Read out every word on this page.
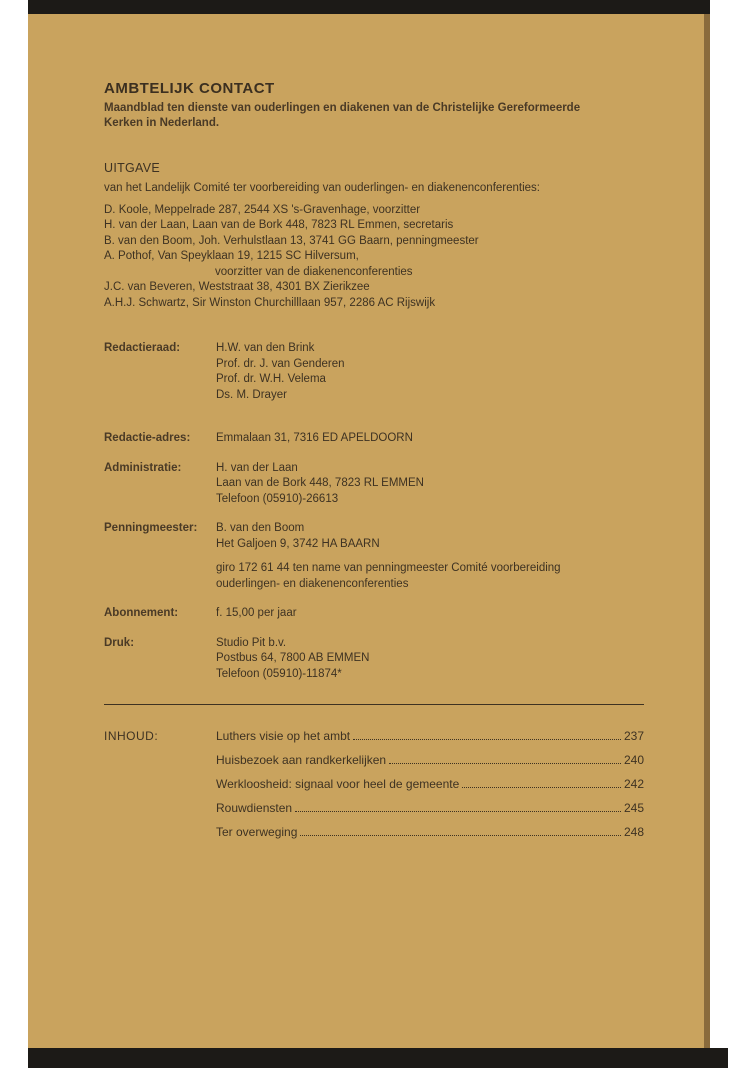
AMBTELIJK CONTACT

Maandblad ten dienste van ouderlingen en diakenen van de Christelijke Gereformeerde
Kerken in Nederland.

UITGAVE
van het Landelijk Comité ter voorbereiding van ouderlingen- en diakenenconferenties:
D. Koole, Meppelrade 287, 2544 XS 's-Gravenhage, voorzitter
H. van der Laan, Laan van de Bork 448, 7823 RL Emmen, secretaris
B. van den Boom, Joh. Verhulstlaan 13, 3741 GG Baarn, penningmeester
A. Pothof, Van Speyklaan 19, 1215 SC Hilversum,
voorzitter van de diakenenconferenties
J.C. van Beveren, Weststraat 38, 4301 BX Zierikzee
A.H.J. Schwartz, Sir Winston Churchilllaan 957, 2286 AC Rijswijk
Redactieraad:	H.W. van den Brink
Prof. dr. J. van Genderen
Prof. dr. W.H. Velema
Ds. M. Drayer
Redactie-adres:	Emmalaan 31, 7316 ED APELDOORN
Administratie:	H. van der Laan
Laan van de Bork 448, 7823 RL EMMEN
Telefoon (05910)-26613
Penningmeester:	B. van den Boom
Het Galjoen 9, 3742 HA BAARN
giro 172 61 44 ten name van penningmeester Comité voorbereiding
ouderlingen- en diakenenconferenties
Abonnement:	f. 15,00 per jaar
Druk:	Studio Pit b.v.
Postbus 64, 7800 AB EMMEN
Telefoon (05910)-11874*
INHOUD:	Luthers visie op het ambt	237
Huisbezoek aan randkerkelijken	240
Werkloosheid: signaal voor heel de gemeente	242
Rouwdiensten	245
Ter overweging	248
